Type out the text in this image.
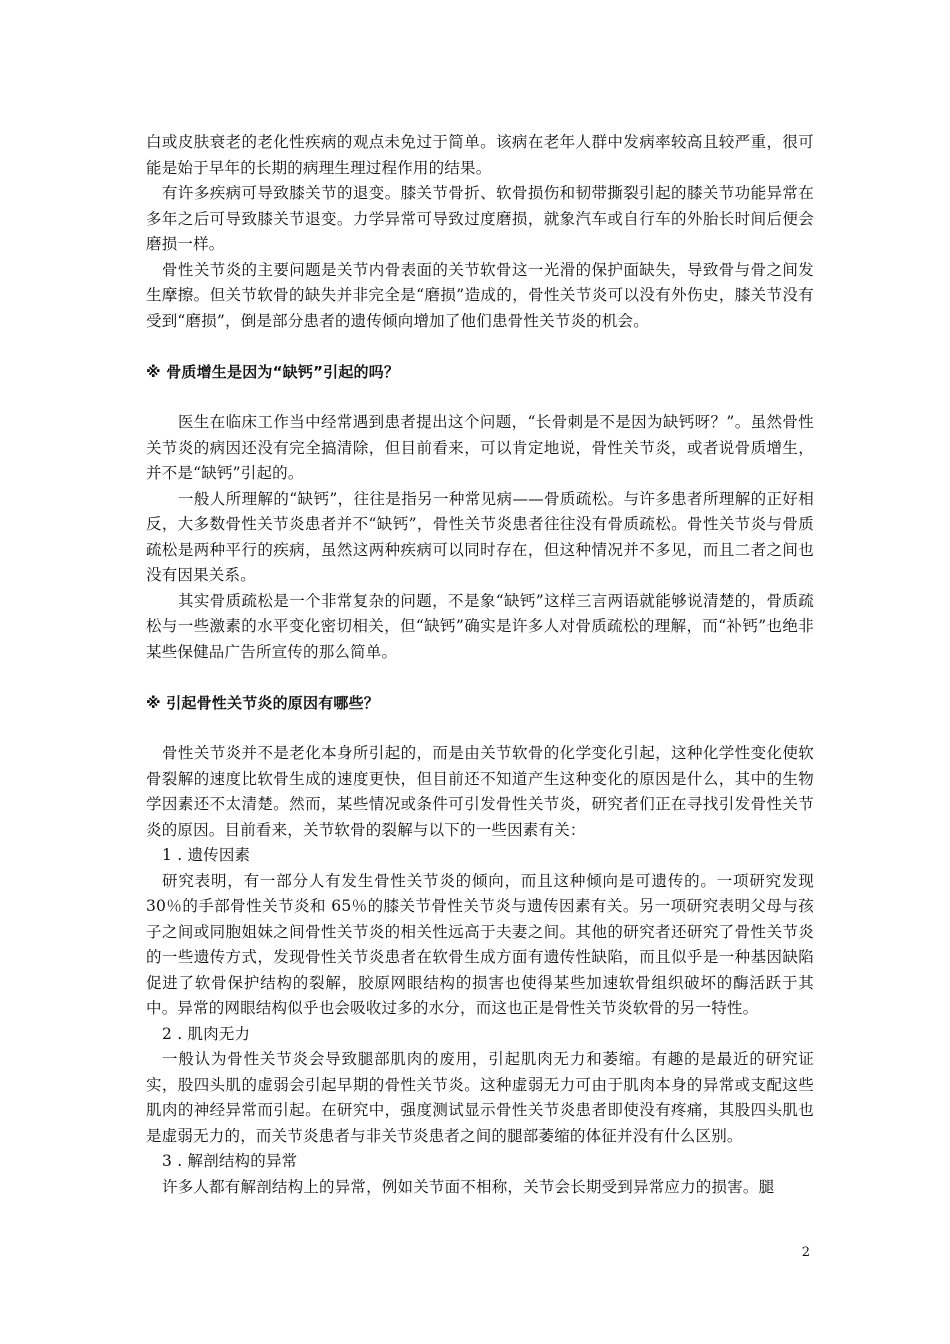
白或皮肤衰老的老化性疾病的观点未免过于简单。该病在老年人群中发病率较高且较严重，很可能是始于早年的长期的病理生理过程作用的结果。

有许多疾病可导致膝关节的退变。膝关节骨折、软骨损伤和韧带撕裂引起的膝关节功能异常在多年之后可导致膝关节退变。力学异常可导致过度磨损，就象汽车或自行车的外胎长时间后便会磨损一样。

骨性关节炎的主要问题是关节内骨表面的关节软骨这一光滑的保护面缺失，导致骨与骨之间发生摩擦。但关节软骨的缺失并非完全是“磨损”造成的，骨性关节炎可以没有外伤史，膝关节没有受到“磨损”，倒是部分患者的遗传倾向增加了他们患骨性关节炎的机会。

※ 骨质增生是因为“缺钙”引起的吗？

医生在临床工作当中经常遇到患者提出这个问题，“长骨刺是不是因为缺钙呀？”。虽然骨性关节炎的病因还没有完全搞清除，但目前看来，可以肯定地说，骨性关节炎，或者说骨质增生，并不是“缺钙”引起的。

一般人所理解的“缺钙”，往往是指另一种常见病——骨质疏松。与许多患者所理解的正好相反，大多数骨性关节炎患者并不“缺钙”，骨性关节炎患者往往没有骨质疏松。骨性关节炎与骨质疏松是两种平行的疾病，虽然这两种疾病可以同时存在，但这种情况并不多见，而且二者之间也没有因果关系。

其实骨质疏松是一个非常复杂的问题，不是象“缺钙”这样三言两语就能够说清楚的，骨质疏松与一些激素的水平变化密切相关，但“缺钙”确实是许多人对骨质疏松的理解，而“补钙”也绝非某些保健品广告所宣传的那么简单。

※ 引起骨性关节炎的原因有哪些？

骨性关节炎并不是老化本身所引起的，而是由关节软骨的化学变化引起，这种化学性变化使软骨裂解的速度比软骨生成的速度更快，但目前还不知道产生这种变化的原因是什么，其中的生物学因素还不太清楚。然而，某些情况或条件可引发骨性关节炎，研究者们正在寻找引发骨性关节炎的原因。目前看来，关节软骨的裂解与以下的一些因素有关：

1 . 遗传因素

研究表明，有一部分人有发生骨性关节炎的倾向，而且这种倾向是可遗传的。一项研究发现 30％的手部骨性关节炎和 65％的膝关节骨性关节炎与遗传因素有关。另一项研究表明父母与孩子之间或同胞姐妹之间骨性关节炎的相关性远高于夫妻之间。其他的研究者还研究了骨性关节炎的一些遗传方式，发现骨性关节炎患者在软骨生成方面有遗传性缺陷，而且似乎是一种基因缺陷促进了软骨保护结构的裂解，胶原网眼结构的损害也使得某些加速软骨组织破坏的酶活跃于其中。异常的网眼结构似乎也会吸收过多的水分，而这也正是骨性关节炎软骨的另一特性。

2 . 肌肉无力

一般认为骨性关节炎会导致腿部肌肉的废用，引起肌肉无力和萎缩。有趣的是最近的研究证实，股四头肌的虚弱会引起早期的骨性关节炎。这种虚弱无力可由于肌肉本身的异常或支配这些肌肉的神经异常而引起。在研究中，强度测试显示骨性关节炎患者即使没有疼痛，其股四头肌也是虚弱无力的，而关节炎患者与非关节炎患者之间的腿部萎缩的体征并没有什么区别。

3 . 解剖结构的异常

许多人都有解剖结构上的异常，例如关节面不相称，关节会长期受到异常应力的损害。腿

2
